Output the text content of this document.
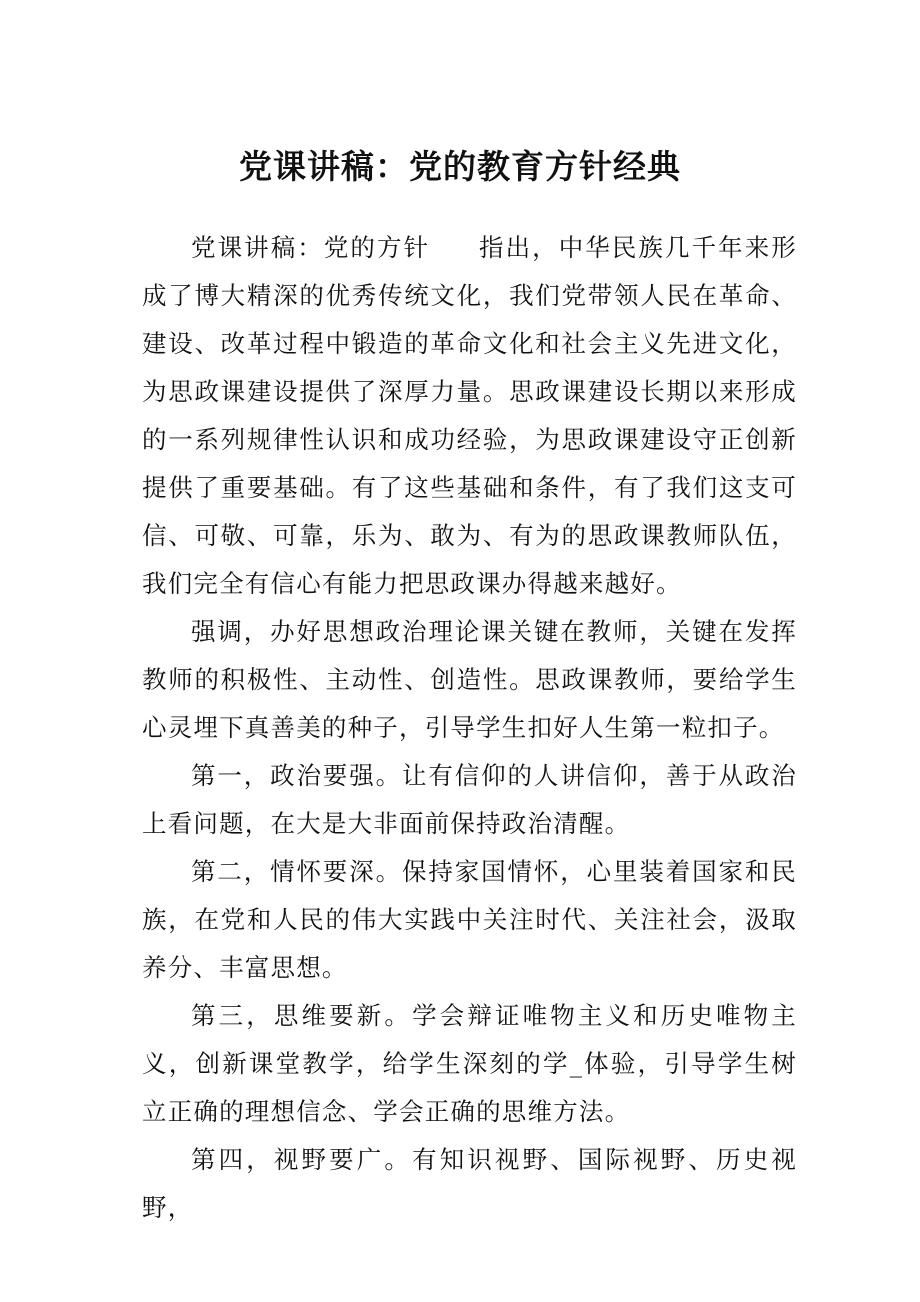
党课讲稿：党的教育方针经典

党课讲稿：党的方针 指出，中华民族几千年来形成了博大精深的优秀传统文化，我们党带领人民在革命、建设、改革过程中锻造的革命文化和社会主义先进文化，为思政课建设提供了深厚力量。思政课建设长期以来形成的一系列规律性认识和成功经验，为思政课建设守正创新提供了重要基础。有了这些基础和条件，有了我们这支可信、可敬、可靠，乐为、敢为、有为的思政课教师队伍，我们完全有信心有能力把思政课办得越来越好。

强调，办好思想政治理论课关键在教师，关键在发挥教师的积极性、主动性、创造性。思政课教师，要给学生心灵埋下真善美的种子，引导学生扣好人生第一粒扣子。

第一，政治要强。让有信仰的人讲信仰，善于从政治上看问题，在大是大非面前保持政治清醒。

第二，情怀要深。保持家国情怀，心里装着国家和民族，在党和人民的伟大实践中关注时代、关注社会，汲取养分、丰富思想。

第三，思维要新。学会辩证唯物主义和历史唯物主义，创新课堂教学，给学生深刻的学_体验，引导学生树立正确的理想信念、学会正确的思维方法。

第四，视野要广。有知识视野、国际视野、历史视野，
